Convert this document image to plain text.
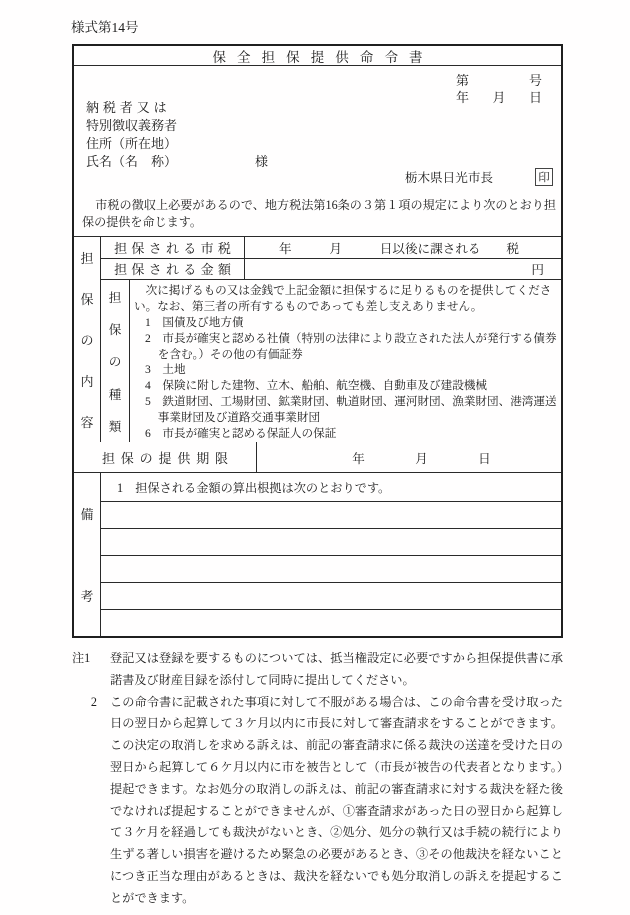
様式第14号
保全担保提供命令書
第	号
年 月 日
納税者又は
特別徴収義務者
住所（所在地）
氏名（名　称）	様
栃木県日光市長	印
市税の徴収上必要があるので、地方税法第16条の３第１項の規定により次のとおり担保の提供を命じます。
担
保
の
内
容
担保される市税	年　　　月　　　日以後に課される 税
担保される金額	円
担
保
の
種
類
次に掲げるもの又は金銭で上記金額に担保するに足りるものを提供してください。なお、第三者の所有するものであっても差し支えありません。
1　国債及び地方債
2　市長が確実と認める社債（特別の法律により設立された法人が発行する債券を含む。）その他の有価証券
3　土地
4　保険に附した建物、立木、船舶、航空機、自動車及び建設機械
5　鉄道財団、工場財団、鉱業財団、軌道財団、運河財団、漁業財団、港湾運送事業財団及び道路交通事業財団
6　市長が確実と認める保証人の保証
担保の提供期限	年　　　　月　　　　日
備
考
1　担保される金額の算出根拠は次のとおりです。
注1	登記又は登録を要するものについては、抵当権設定に必要ですから担保提供書に承諾書及び財産目録を添付して同時に提出してください。
2	この命令書に記載された事項に対して不服がある場合は、この命令書を受け取った日の翌日から起算して３ケ月以内に市長に対して審査請求をすることができます。この決定の取消しを求める訴えは、前記の審査請求に係る裁決の送達を受けた日の翌日から起算して６ケ月以内に市を被告として（市長が被告の代表者となります。）提起できます。なお処分の取消しの訴えは、前記の審査請求に対する裁決を経た後でなければ提起することができませんが、①審査請求があった日の翌日から起算して３ケ月を経過しても裁決がないとき、②処分、処分の執行又は手続の続行により生ずる著しい損害を避けるため緊急の必要があるとき、③その他裁決を経ないことにつき正当な理由があるときは、裁決を経ないでも処分取消しの訴えを提起することができます。
